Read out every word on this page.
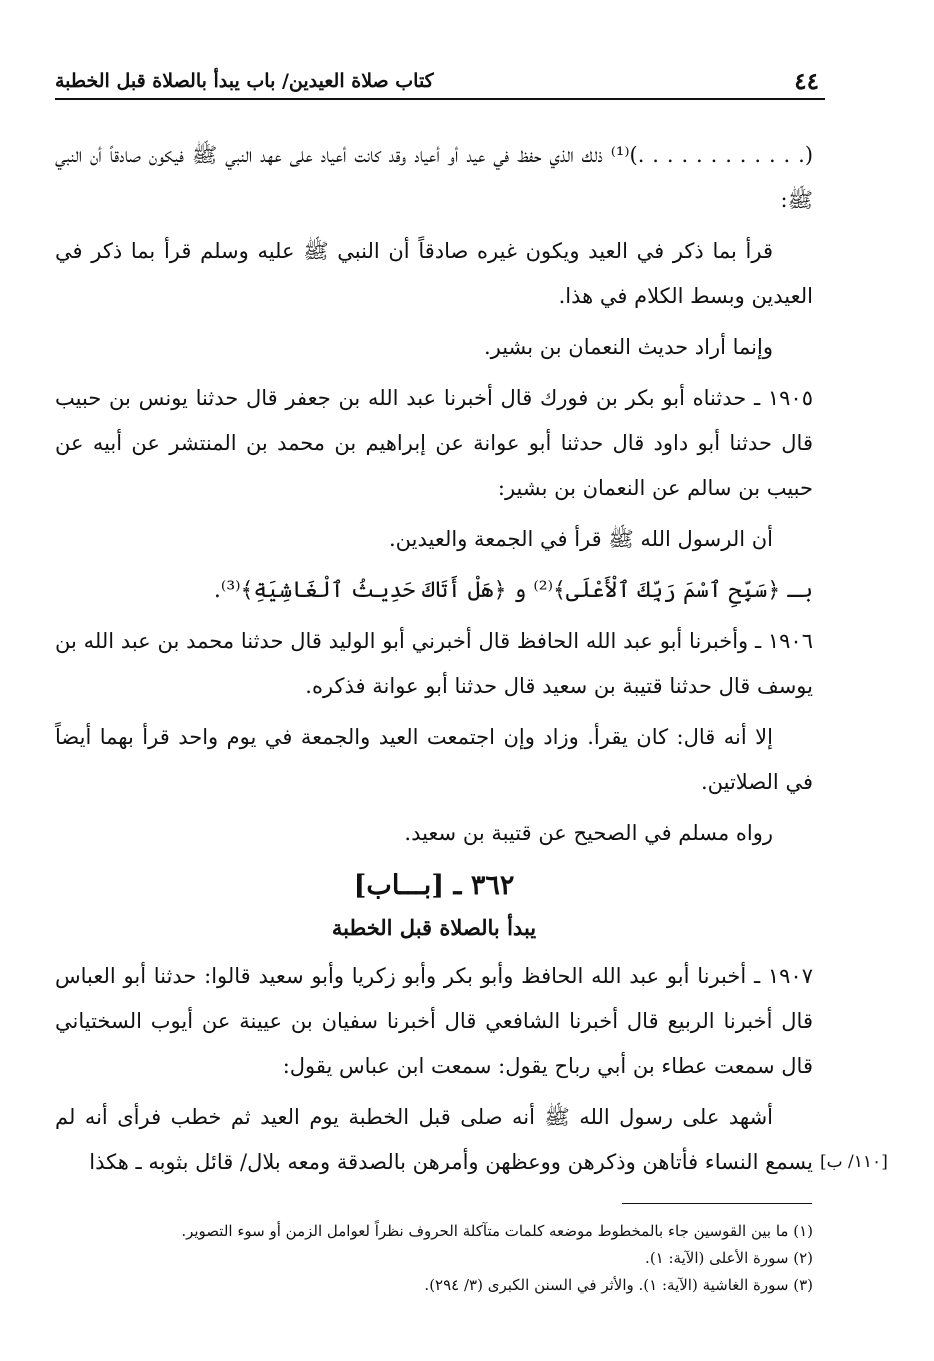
٤٤
كتاب صلاة العيدين/ باب يبدأ بالصلاة قبل الخطبة

(. . . . . . . . . . . .)⁽¹⁾ ذلك الذي حفظ في عيد أو أعياد وقد كانت أعياد على عهد النبي ﷺ فيكون صادقاً أن النبي ﷺ:

قرأ بما ذكر في العيد ويكون غيره صادقاً أن النبي ﷺ عليه وسلم قرأ بما ذكر في العيدين وبسط الكلام في هذا.

وإنما أراد حديث النعمان بن بشير.

١٩٠٥ ـ حدثناه أبو بكر بن فورك قال أخبرنا عبد الله بن جعفر قال حدثنا يونس بن حبيب قال حدثنا أبو داود قال حدثنا أبو عوانة عن إبراهيم بن محمد بن المنتشر عن أبيه عن حبيب بن سالم عن النعمان بن بشير:

أن الرسول الله ﷺ قرأ في الجمعة والعيدين.

بـ ﴿سَبِّحِ ٱسْمَ رَبِّكَ ٱلْأَعْلَى﴾⁽²⁾ و ﴿هَلْ أَتَاكَ حَدِيثُ ٱلْغَاشِيَةِ﴾⁽³⁾.

١٩٠٦ ـ وأخبرنا أبو عبد الله الحافظ قال أخبرني أبو الوليد قال حدثنا محمد بن عبد الله بن يوسف قال حدثنا قتيبة بن سعيد قال حدثنا أبو عوانة فذكره.

إلا أنه قال: كان يقرأ. وزاد وإن اجتمعت العيد والجمعة في يوم واحد قرأ بهما أيضاً في الصلاتين.

رواه مسلم في الصحيح عن قتيبة بن سعيد.

٣٦٢ ـ [بـــاب]
يبدأ بالصلاة قبل الخطبة

١٩٠٧ ـ أخبرنا أبو عبد الله الحافظ وأبو بكر وأبو زكريا وأبو سعيد قالوا: حدثنا أبو العباس قال أخبرنا الربيع قال أخبرنا الشافعي قال أخبرنا سفيان بن عيينة عن أيوب السختياني قال سمعت عطاء بن أبي رباح يقول: سمعت ابن عباس يقول:

أشهد على رسول الله ﷺ أنه صلى قبل الخطبة يوم العيد ثم خطب فرأى أنه لم يسمع النساء فأتاهن وذكرهن ووعظهن وأمرهن بالصدقة ومعه بلال/ قائل بثوبه ـ هكذا [١١٠/ ب]
(١) ما بين القوسين جاء بالمخطوط موضعه كلمات متآكلة الحروف نظراً لعوامل الزمن أو سوء التصوير.
(٢) سورة الأعلى (الآية: ١).
(٣) سورة الغاشية (الآية: ١). والأثر في السنن الكبرى (٣/ ٢٩٤).
